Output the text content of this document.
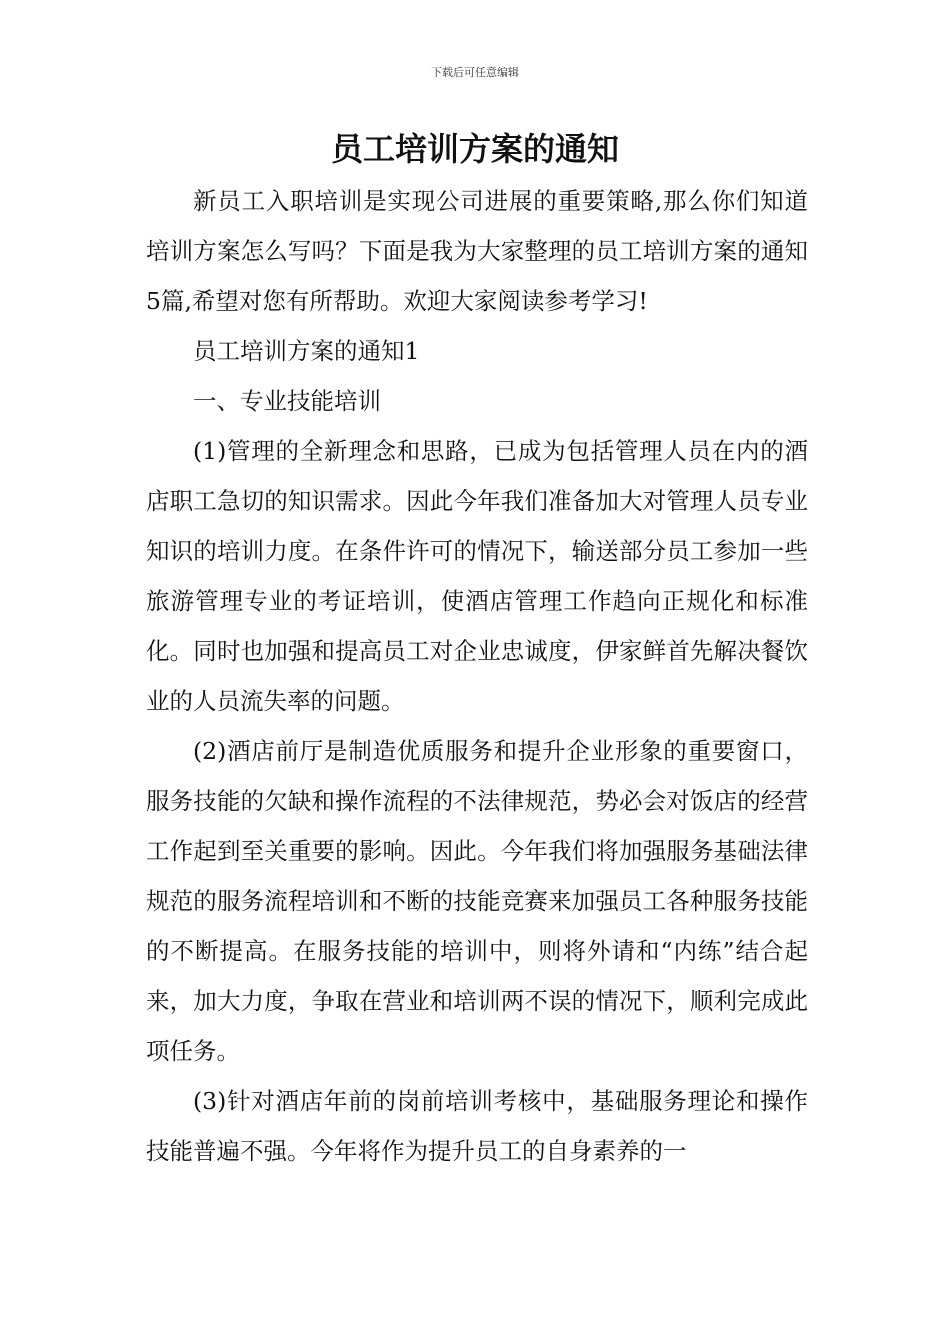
下载后可任意编辑
员工培训方案的通知

新员工入职培训是实现公司进展的重要策略,那么你们知道培训方案怎么写吗？下面是我为大家整理的员工培训方案的通知5篇,希望对您有所帮助。欢迎大家阅读参考学习!

员工培训方案的通知1

一、专业技能培训

(1)管理的全新理念和思路，已成为包括管理人员在内的酒店职工急切的知识需求。因此今年我们准备加大对管理人员专业知识的培训力度。在条件许可的情况下，输送部分员工参加一些旅游管理专业的考证培训，使酒店管理工作趋向正规化和标准化。同时也加强和提高员工对企业忠诚度，伊家鲜首先解决餐饮业的人员流失率的问题。

(2)酒店前厅是制造优质服务和提升企业形象的重要窗口，服务技能的欠缺和操作流程的不法律规范，势必会对饭店的经营工作起到至关重要的影响。因此。今年我们将加强服务基础法律规范的服务流程培训和不断的技能竞赛来加强员工各种服务技能的不断提高。在服务技能的培训中，则将外请和“内练”结合起来，加大力度，争取在营业和培训两不误的情况下，顺利完成此项任务。

(3)针对酒店年前的岗前培训考核中，基础服务理论和操作技能普遍不强。今年将作为提升员工的自身素养的一
